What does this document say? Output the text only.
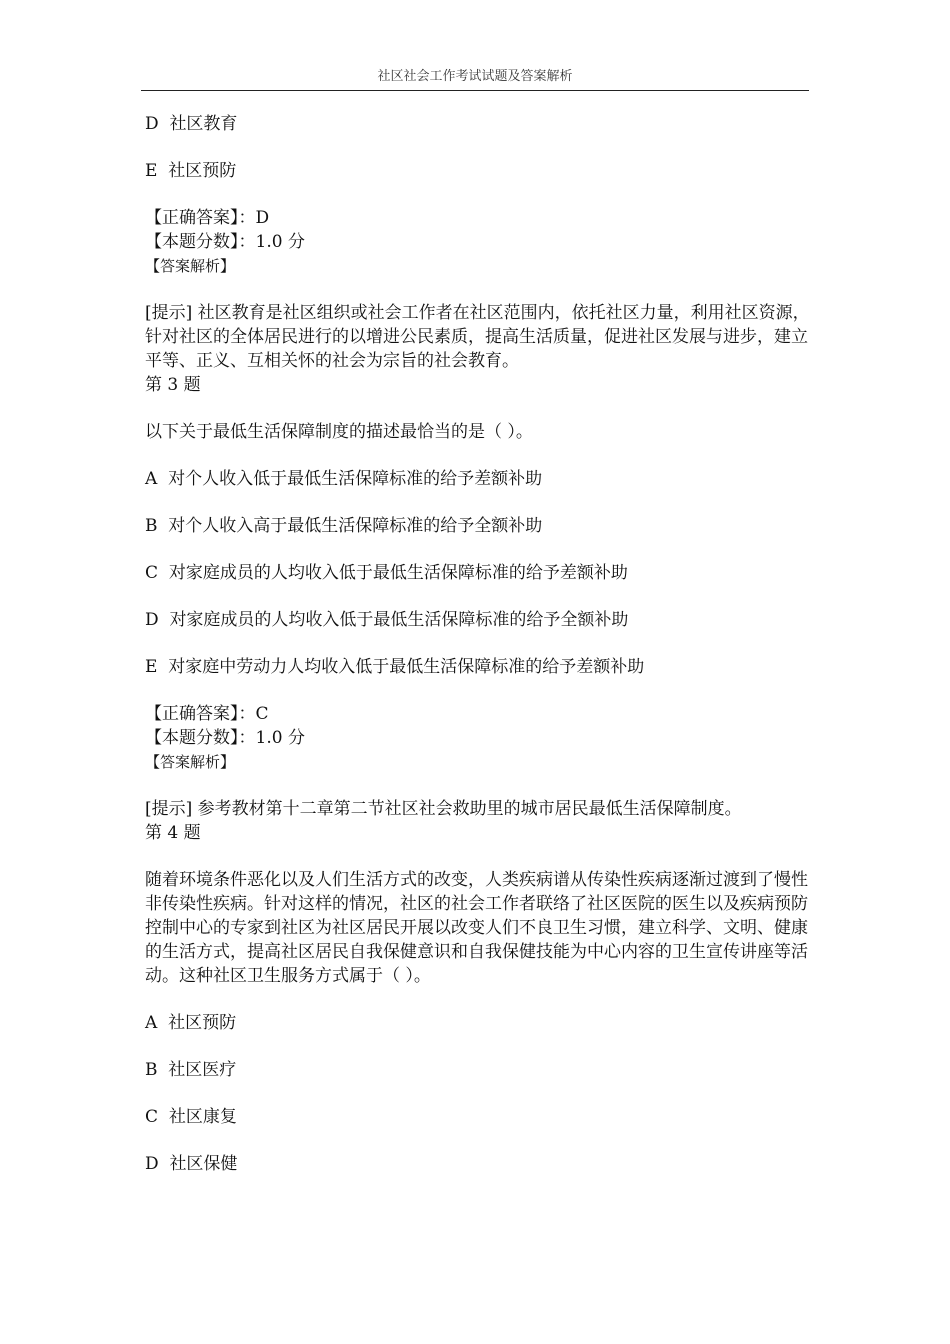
社区社会工作考试试题及答案解析

D  社区教育

E  社区预防

【正确答案】：D

【本题分数】：1.0 分

【答案解析】

[提示] 社区教育是社区组织或社会工作者在社区范围内，依托社区力量，利用社区资源，针对社区的全体居民进行的以增进公民素质，提高生活质量，促进社区发展与进步，建立平等、正义、互相关怀的社会为宗旨的社会教育。

第 3 题

以下关于最低生活保障制度的描述最恰当的是（ ）。

A  对个人收入低于最低生活保障标准的给予差额补助

B  对个人收入高于最低生活保障标准的给予全额补助

C  对家庭成员的人均收入低于最低生活保障标准的给予差额补助

D  对家庭成员的人均收入低于最低生活保障标准的给予全额补助

E  对家庭中劳动力人均收入低于最低生活保障标准的给予差额补助

【正确答案】：C

【本题分数】：1.0 分

【答案解析】

[提示] 参考教材第十二章第二节社区社会救助里的城市居民最低生活保障制度。

第 4 题

随着环境条件恶化以及人们生活方式的改变，人类疾病谱从传染性疾病逐渐过渡到了慢性非传染性疾病。针对这样的情况，社区的社会工作者联络了社区医院的医生以及疾病预防控制中心的专家到社区为社区居民开展以改变人们不良卫生习惯，建立科学、文明、健康的生活方式，提高社区居民自我保健意识和自我保健技能为中心内容的卫生宣传讲座等活动。这种社区卫生服务方式属于（ ）。

A  社区预防

B  社区医疗

C  社区康复

D  社区保健
